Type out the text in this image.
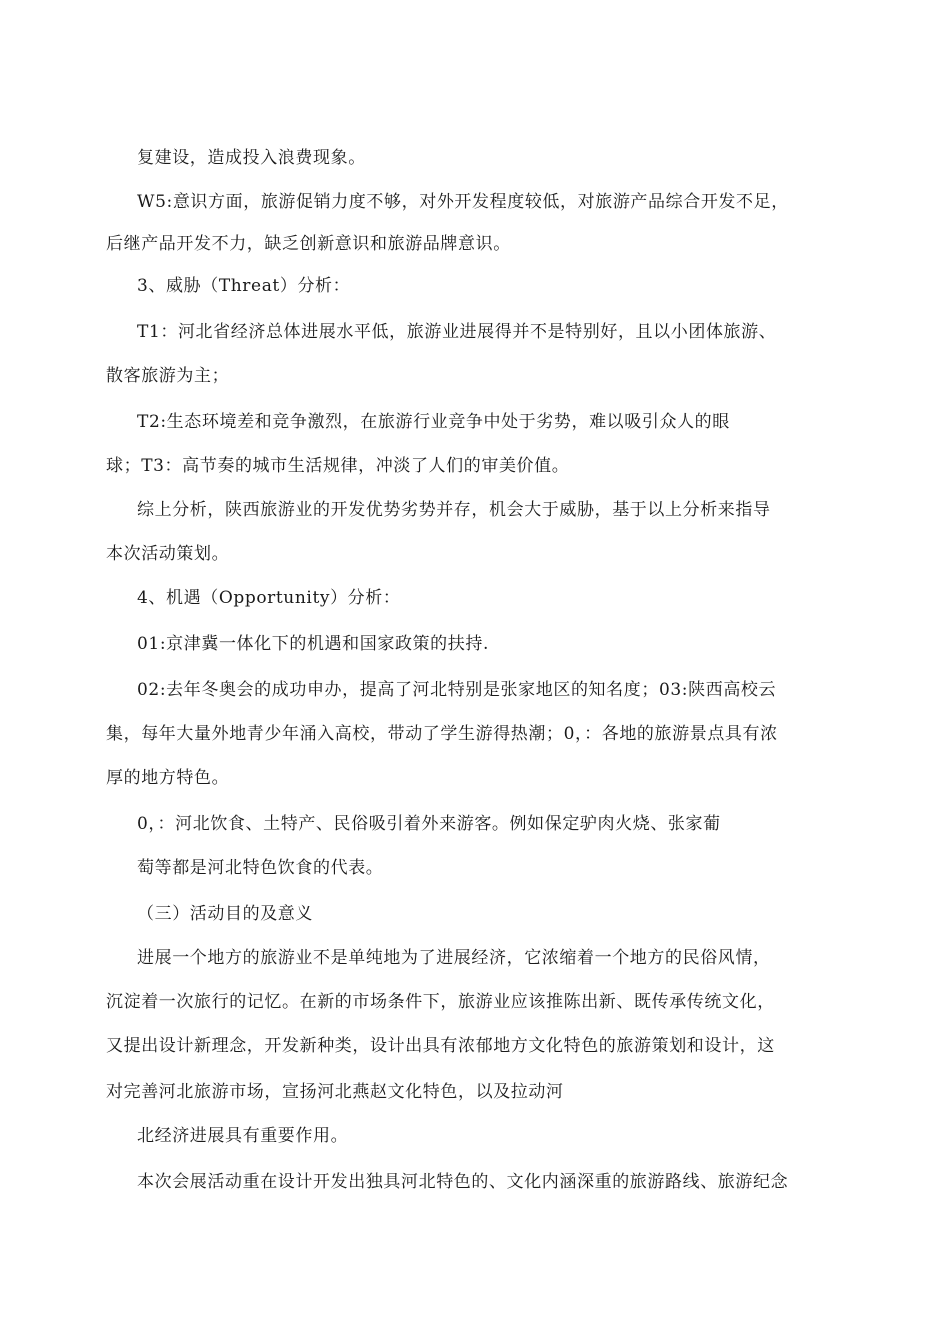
复建设，造成投入浪费现象。
W5:意识方面，旅游促销力度不够，对外开发程度较低，对旅游产品综合开发不足，
后继产品开发不力，缺乏创新意识和旅游品牌意识。
3、威胁（Threat）分析：
T1：河北省经济总体进展水平低，旅游业进展得并不是特别好，且以小团体旅游、
散客旅游为主；
T2:生态环境差和竞争激烈，在旅游行业竞争中处于劣势，难以吸引众人的眼
球；T3：高节奏的城市生活规律，冲淡了人们的审美价值。
综上分析，陕西旅游业的开发优势劣势并存，机会大于威胁，基于以上分析来指导
本次活动策划。
4、机遇（Opportunity）分析：
01:京津冀一体化下的机遇和国家政策的扶持.
02:去年冬奥会的成功申办，提高了河北特别是张家地区的知名度；03:陕西高校云
集，每年大量外地青少年涌入高校，带动了学生游得热潮；0，：各地的旅游景点具有浓
厚的地方特色。
0，：河北饮食、土特产、民俗吸引着外来游客。例如保定驴肉火烧、张家葡
萄等都是河北特色饮食的代表。
（三）活动目的及意义
进展一个地方的旅游业不是单纯地为了进展经济，它浓缩着一个地方的民俗风情，
沉淀着一次旅行的记忆。在新的市场条件下，旅游业应该推陈出新、既传承传统文化，
又提出设计新理念，开发新种类，设计出具有浓郁地方文化特色的旅游策划和设计，这
对完善河北旅游市场，宣扬河北燕赵文化特色，以及拉动河
北经济进展具有重要作用。
本次会展活动重在设计开发出独具河北特色的、文化内涵深重的旅游路线、旅游纪念
